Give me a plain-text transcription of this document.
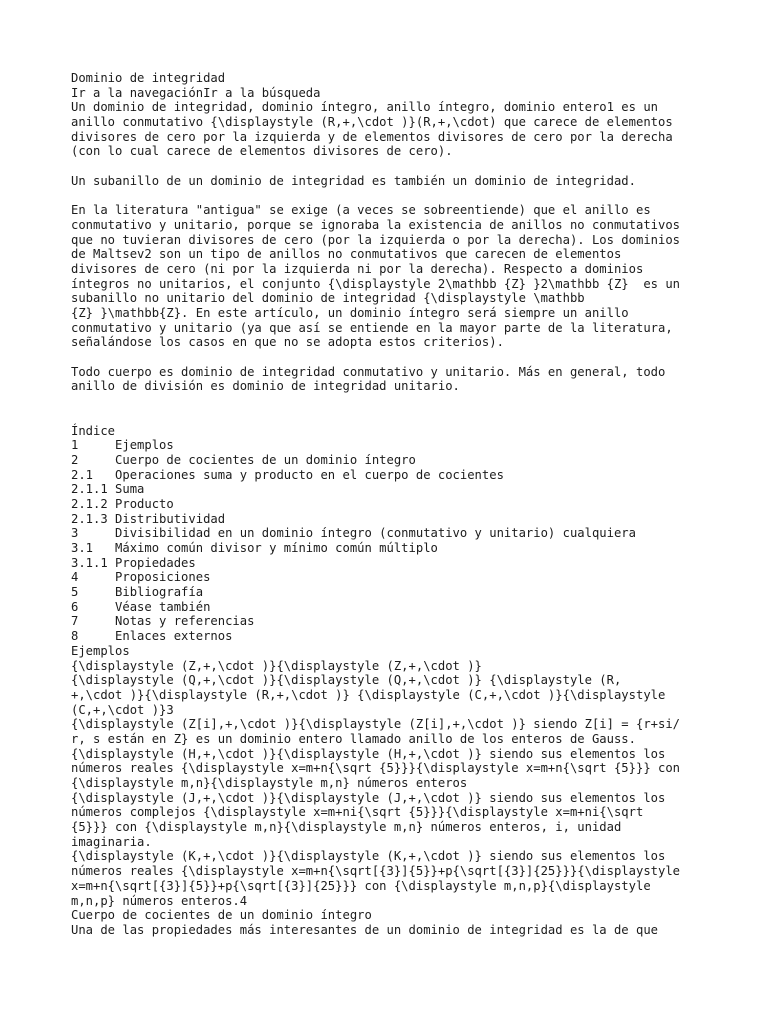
Dominio de integridad
Ir a la navegaciónIr a la búsqueda
Un dominio de integridad, dominio íntegro, anillo íntegro, dominio entero1 es un
anillo conmutativo {\displaystyle (R,+,\cdot )}(R,+,\cdot) que carece de elementos
divisores de cero por la izquierda y de elementos divisores de cero por la derecha
(con lo cual carece de elementos divisores de cero).
Un subanillo de un dominio de integridad es también un dominio de integridad.
En la literatura "antigua" se exige (a veces se sobreentiende) que el anillo es
conmutativo y unitario, porque se ignoraba la existencia de anillos no conmutativos
que no tuvieran divisores de cero (por la izquierda o por la derecha). Los dominios
de Maltsev2 son un tipo de anillos no conmutativos que carecen de elementos
divisores de cero (ni por la izquierda ni por la derecha). Respecto a dominios
íntegros no unitarios, el conjunto {\displaystyle 2\mathbb {Z} }2\mathbb {Z}  es un
subanillo no unitario del dominio de integridad {\displaystyle \mathbb
{Z} }\mathbb{Z}. En este artículo, un dominio íntegro será siempre un anillo
conmutativo y unitario (ya que así se entiende en la mayor parte de la literatura,
señalándose los casos en que no se adopta estos criterios).
Todo cuerpo es dominio de integridad conmutativo y unitario. Más en general, todo
anillo de división es dominio de integridad unitario.
Índice
1     Ejemplos
2     Cuerpo de cocientes de un dominio íntegro
2.1   Operaciones suma y producto en el cuerpo de cocientes
2.1.1 Suma
2.1.2 Producto
2.1.3 Distributividad
3     Divisibilidad en un dominio íntegro (conmutativo y unitario) cualquiera
3.1   Máximo común divisor y mínimo común múltiplo
3.1.1 Propiedades
4     Proposiciones
5     Bibliografía
6     Véase también
7     Notas y referencias
8     Enlaces externos
Ejemplos
{\displaystyle (Z,+,\cdot )}{\displaystyle (Z,+,\cdot )}
{\displaystyle (Q,+,\cdot )}{\displaystyle (Q,+,\cdot )} {\displaystyle (R,
+,\cdot )}{\displaystyle (R,+,\cdot )} {\displaystyle (C,+,\cdot )}{\displaystyle
(C,+,\cdot )}3
{\displaystyle (Z[i],+,\cdot )}{\displaystyle (Z[i],+,\cdot )} siendo Z[i] = {r+si/
r, s están en Z} es un dominio entero llamado anillo de los enteros de Gauss.
{\displaystyle (H,+,\cdot )}{\displaystyle (H,+,\cdot )} siendo sus elementos los
números reales {\displaystyle x=m+n{\sqrt {5}}}{\displaystyle x=m+n{\sqrt {5}}} con
{\displaystyle m,n}{\displaystyle m,n} números enteros
{\displaystyle (J,+,\cdot )}{\displaystyle (J,+,\cdot )} siendo sus elementos los
números complejos {\displaystyle x=m+ni{\sqrt {5}}}{\displaystyle x=m+ni{\sqrt
{5}}} con {\displaystyle m,n}{\displaystyle m,n} números enteros, i, unidad
imaginaria.
{\displaystyle (K,+,\cdot )}{\displaystyle (K,+,\cdot )} siendo sus elementos los
números reales {\displaystyle x=m+n{\sqrt[{3}]{5}}+p{\sqrt[{3}]{25}}}{\displaystyle
x=m+n{\sqrt[{3}]{5}}+p{\sqrt[{3}]{25}}} con {\displaystyle m,n,p}{\displaystyle
m,n,p} números enteros.4
Cuerpo de cocientes de un dominio íntegro
Una de las propiedades más interesantes de un dominio de integridad es la de que
